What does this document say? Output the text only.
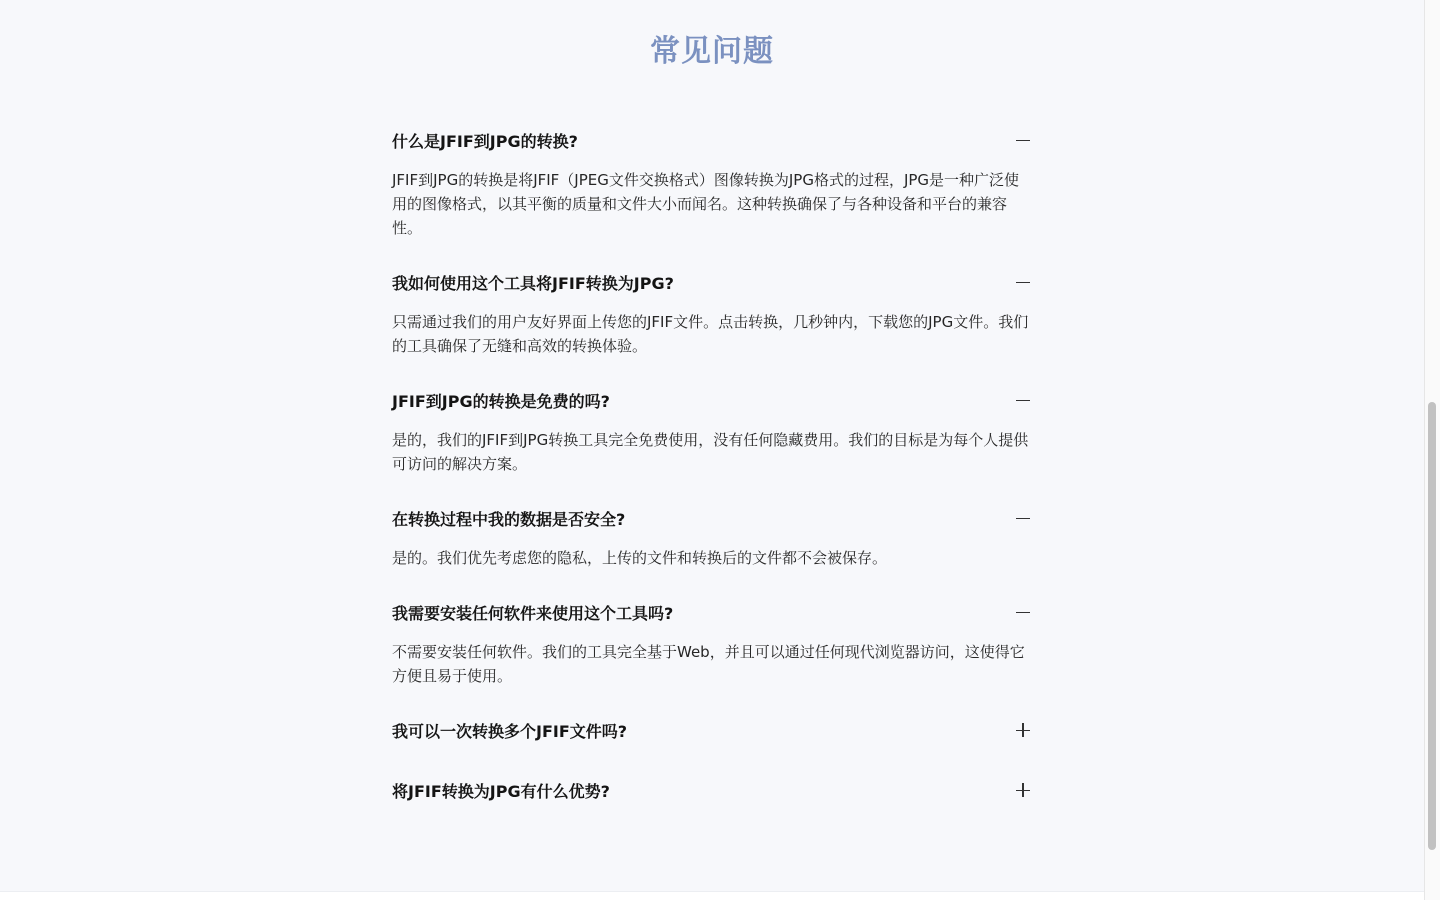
常见问题
什么是JFIF到JPG的转换?

JFIF到JPG的转换是将JFIF（JPEG文件交换格式）图像转换为JPG格式的过程，JPG是一种广泛使用的图像格式，以其平衡的质量和文件大小而闻名。这种转换确保了与各种设备和平台的兼容性。

我如何使用这个工具将JFIF转换为JPG?

只需通过我们的用户友好界面上传您的JFIF文件。点击转换，几秒钟内，下载您的JPG文件。我们的工具确保了无缝和高效的转换体验。

JFIF到JPG的转换是免费的吗?

是的，我们的JFIF到JPG转换工具完全免费使用，没有任何隐藏费用。我们的目标是为每个人提供可访问的解决方案。

在转换过程中我的数据是否安全?

是的。我们优先考虑您的隐私，上传的文件和转换后的文件都不会被保存。

我需要安装任何软件来使用这个工具吗?

不需要安装任何软件。我们的工具完全基于Web，并且可以通过任何现代浏览器访问，这使得它方便且易于使用。

我可以一次转换多个JFIF文件吗?
将JFIF转换为JPG有什么优势?
